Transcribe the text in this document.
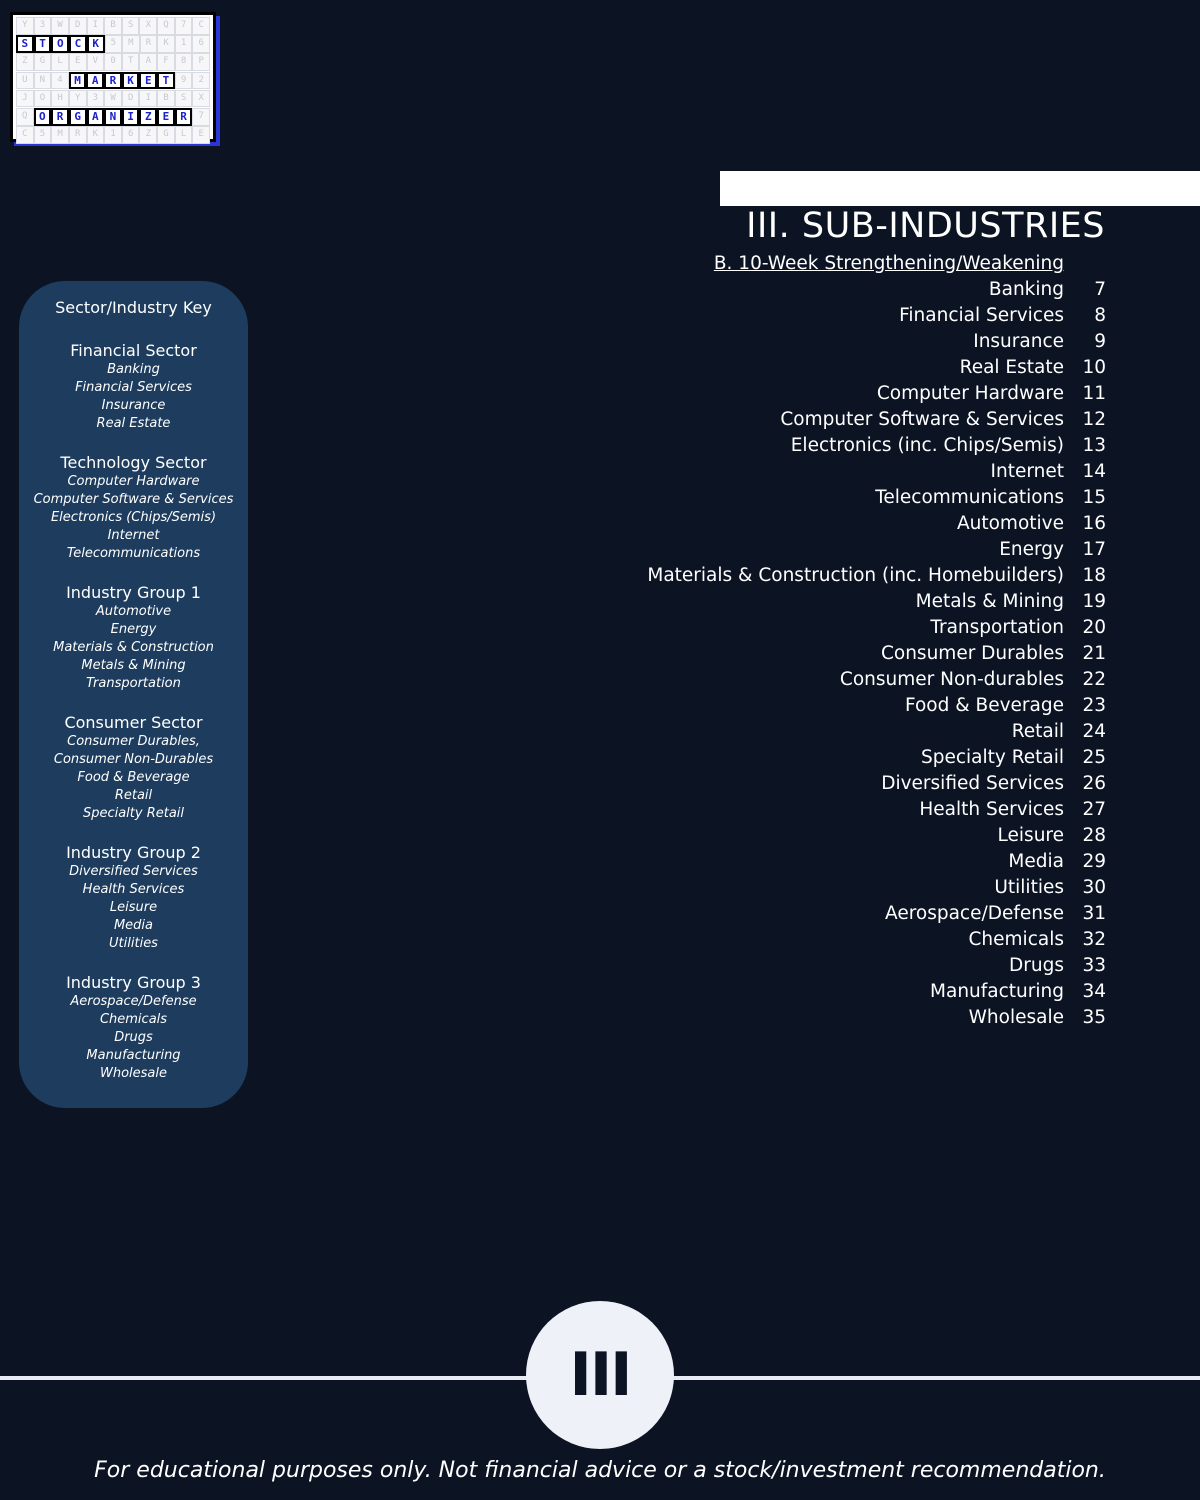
Y	3	W	D	I	B	S	X	Q	7	C
S	T	O	C	K	5	M	R	K	1	6
Z	G	L	E	V	0	T	A	F	8	P
U	N	4	M	A	R	K	E	T	9	2
J	O	H	Y	3	W	D	I	B	S	X
Q	O	R	G	A	N	I	Z	E	R	7
C	5	M	R	K	1	6	Z	G	L	E
III. SUB-INDUSTRIES
B. 10-Week Strengthening/Weakening	0
Banking	7
Financial Services	8
Insurance	9
Real Estate 10
Computer Hardware 11
Computer Software & Services 12
Electronics (inc. Chips/Semis) 13
Internet 14
Telecommunications 15
Automotive 16
Energy 17
Materials & Construction (inc. Homebuilders) 18
Metals & Mining 19
Transportation 20
Consumer Durables 21
Consumer Non-durables 22
Food & Beverage 23
Retail 24
Specialty Retail 25
Diversified Services 26
Health Services 27
Leisure 28
Media 29
Utilities 30
Aerospace/Defense 31
Chemicals 32
Drugs 33
Manufacturing 34
Wholesale 35
Sector/Industry Key
Financial Sector
Banking
Financial Services
Insurance
Real Estate
Technology Sector
Computer Hardware
Computer Software & Services
Electronics (Chips/Semis)
Internet
Telecommunications
Industry Group 1
Automotive
Energy
Materials & Construction
Metals & Mining
Transportation
Consumer Sector
Consumer Durables,
Consumer Non-Durables
Food & Beverage
Retail
Specialty Retail
Industry Group 2
Diversified Services
Health Services
Leisure
Media
Utilities
Industry Group 3
Aerospace/Defense
Chemicals
Drugs
Manufacturing
Wholesale
III
For educational purposes only. Not financial advice or a stock/investment recommendation.
